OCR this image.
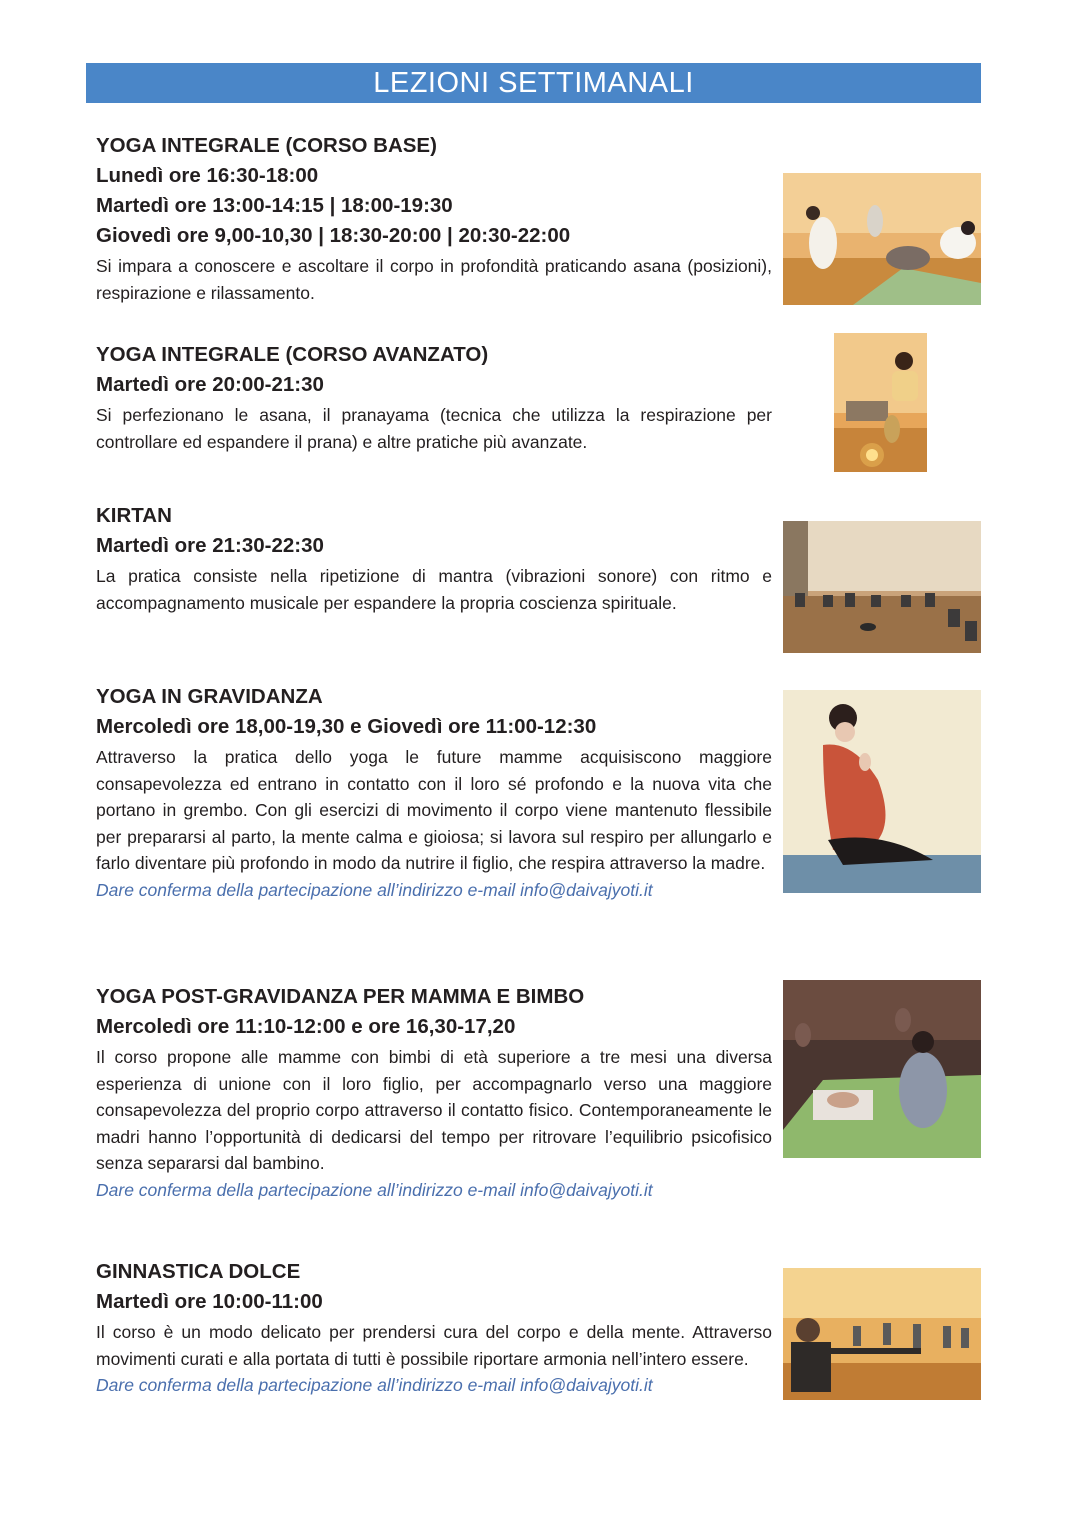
LEZIONI SETTIMANALI
YOGA INTEGRALE (CORSO BASE)
Lunedì ore 16:30-18:00
Martedì ore 13:00-14:15 | 18:00-19:30
Giovedì ore 9,00-10,30 | 18:30-20:00 | 20:30-22:00
Si impara a conoscere e ascoltare il corpo in profondità praticando asana (posizioni), respirazione e rilassamento.
YOGA INTEGRALE (CORSO AVANZATO)
Martedì ore 20:00-21:30
Si perfezionano le asana, il pranayama (tecnica che utilizza la respirazione per controllare ed espandere il prana) e altre pratiche più avanzate.
KIRTAN
Martedì ore 21:30-22:30
La pratica consiste nella ripetizione di mantra (vibrazioni sonore) con ritmo e accompagnamento musicale per espandere la propria coscienza spirituale.
YOGA IN GRAVIDANZA
Mercoledì ore 18,00-19,30 e Giovedì ore 11:00-12:30
Attraverso la pratica dello yoga le future mamme acquisiscono maggiore consapevolezza ed entrano in contatto con il loro sé profondo e la nuova vita che portano in grembo. Con gli esercizi di movimento il corpo viene mantenuto flessibile per prepararsi al parto, la mente calma e gioiosa; si lavora sul respiro per allungarlo e farlo diventare più profondo in modo da nutrire il figlio, che respira attraverso la madre.
Dare conferma della partecipazione all’indirizzo e-mail info@daivajyoti.it
YOGA POST-GRAVIDANZA PER MAMMA E BIMBO
Mercoledì ore 11:10-12:00 e ore 16,30-17,20
Il corso propone alle mamme con bimbi di età superiore a tre mesi una diversa esperienza di unione con il loro figlio, per accompagnarlo verso una maggiore consapevolezza del proprio corpo attraverso il contatto fisico. Contemporaneamente le madri hanno l’opportunità di dedicarsi del tempo per ritrovare l’equilibrio psicofisico senza separarsi dal bambino.
Dare conferma della partecipazione all’indirizzo e-mail info@daivajyoti.it
GINNASTICA DOLCE
Martedì ore 10:00-11:00
Il corso è un modo delicato per prendersi cura del corpo e della mente. Attraverso movimenti curati e alla portata di tutti è possibile riportare armonia nell’intero essere.
Dare conferma della partecipazione all’indirizzo e-mail info@daivajyoti.it
